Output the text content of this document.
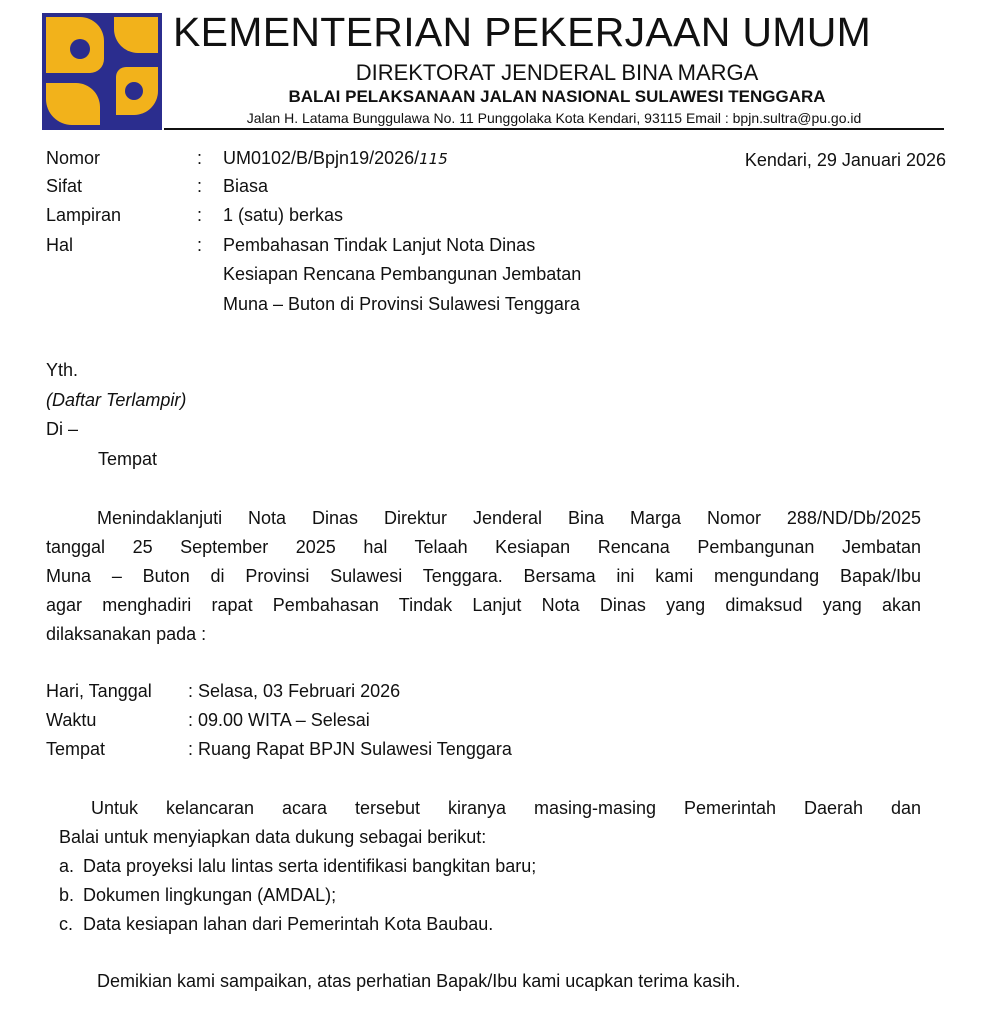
KEMENTERIAN PEKERJAAN UMUM
DIREKTORAT JENDERAL BINA MARGA
BALAI PELAKSANAAN JALAN NASIONAL SULAWESI TENGGARA
Jalan H. Latama Bunggulawa No. 11 Punggolaka Kota Kendari, 93115 Email : bpjn.sultra@pu.go.id
Kendari, 29 Januari 2026
Nomor	: UM0102/B/Bpjn19/2026/115
Sifat	: Biasa
Lampiran	: 1 (satu) berkas
Hal	: Pembahasan Tindak Lanjut Nota Dinas
Kesiapan Rencana Pembangunan Jembatan
Muna – Buton di Provinsi Sulawesi Tenggara
Yth.
(Daftar Terlampir)
Di –
Tempat
Menindaklanjuti Nota Dinas Direktur Jenderal Bina Marga Nomor 288/ND/Db/2025
tanggal 25 September 2025 hal Telaah Kesiapan Rencana Pembangunan Jembatan
Muna – Buton di Provinsi Sulawesi Tenggara. Bersama ini kami mengundang Bapak/Ibu
agar menghadiri rapat Pembahasan Tindak Lanjut Nota Dinas yang dimaksud yang akan
dilaksanakan pada :
Hari, Tanggal : Selasa, 03 Februari 2026
Waktu	: 09.00 WITA – Selesai
Tempat	: Ruang Rapat BPJN Sulawesi Tenggara
Untuk kelancaran acara tersebut kiranya masing-masing Pemerintah Daerah dan
Balai untuk menyiapkan data dukung sebagai berikut:
a. Data proyeksi lalu lintas serta identifikasi bangkitan baru;
b. Dokumen lingkungan (AMDAL);
c. Data kesiapan lahan dari Pemerintah Kota Baubau.
Demikian kami sampaikan, atas perhatian Bapak/Ibu kami ucapkan terima kasih.
